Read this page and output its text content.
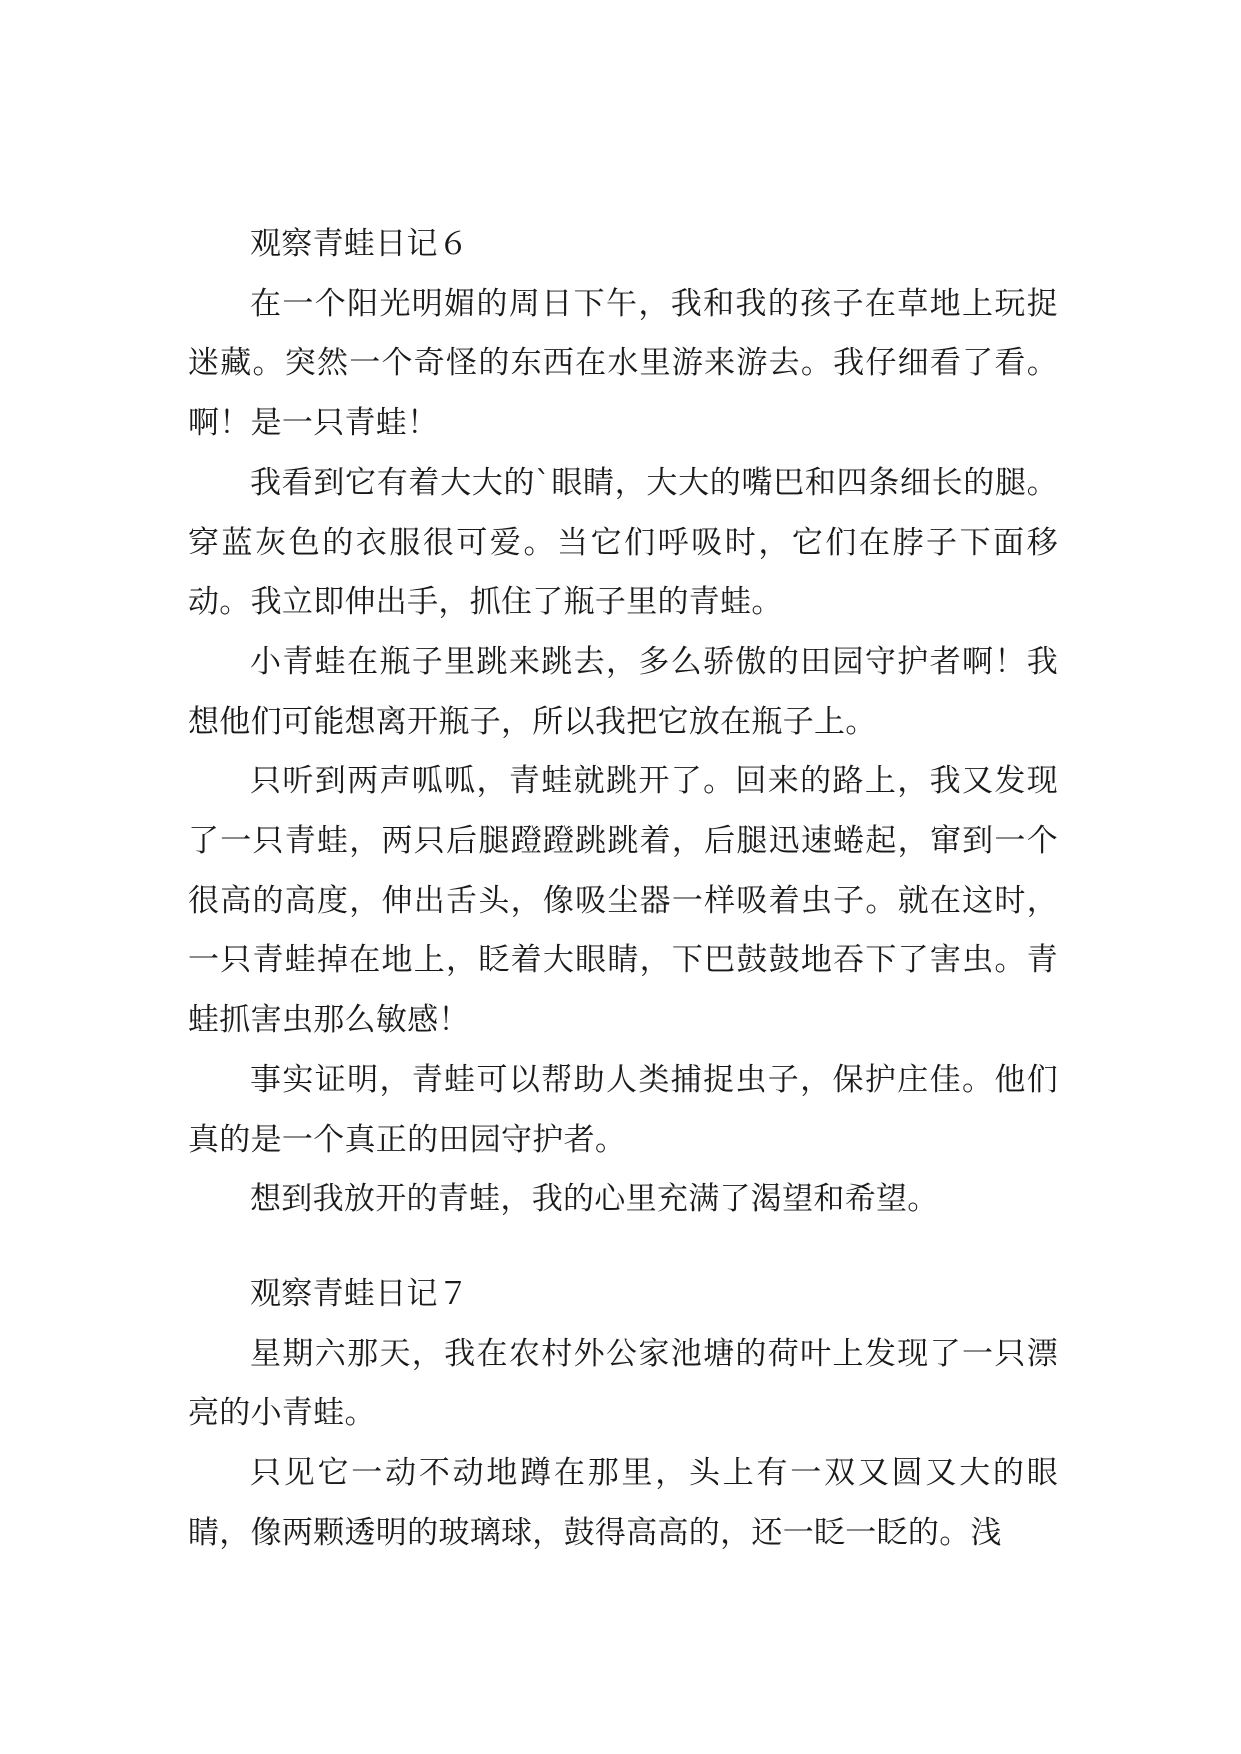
观察青蛙日记６

在一个阳光明媚的周日下午，我和我的孩子在草地上玩捉迷藏。突然一个奇怪的东西在水里游来游去。我仔细看了看。啊！是一只青蛙！

我看到它有着大大的`眼睛，大大的嘴巴和四条细长的腿。穿蓝灰色的衣服很可爱。当它们呼吸时，它们在脖子下面移动。我立即伸出手，抓住了瓶子里的青蛙。

小青蛙在瓶子里跳来跳去，多么骄傲的田园守护者啊！我想他们可能想离开瓶子，所以我把它放在瓶子上。

只听到两声呱呱，青蛙就跳开了。回来的路上，我又发现了一只青蛙，两只后腿蹬蹬跳跳着，后腿迅速蜷起，窜到一个很高的高度，伸出舌头，像吸尘器一样吸着虫子。就在这时，一只青蛙掉在地上，眨着大眼睛，下巴鼓鼓地吞下了害虫。青蛙抓害虫那么敏感！

事实证明，青蛙可以帮助人类捕捉虫子，保护庄佳。他们真的是一个真正的田园守护者。

想到我放开的青蛙，我的心里充满了渴望和希望。

观察青蛙日记７

星期六那天，我在农村外公家池塘的荷叶上发现了一只漂亮的小青蛙。

只见它一动不动地蹲在那里，头上有一双又圆又大的眼睛，像两颗透明的玻璃球，鼓得高高的，还一眨一眨的。浅
